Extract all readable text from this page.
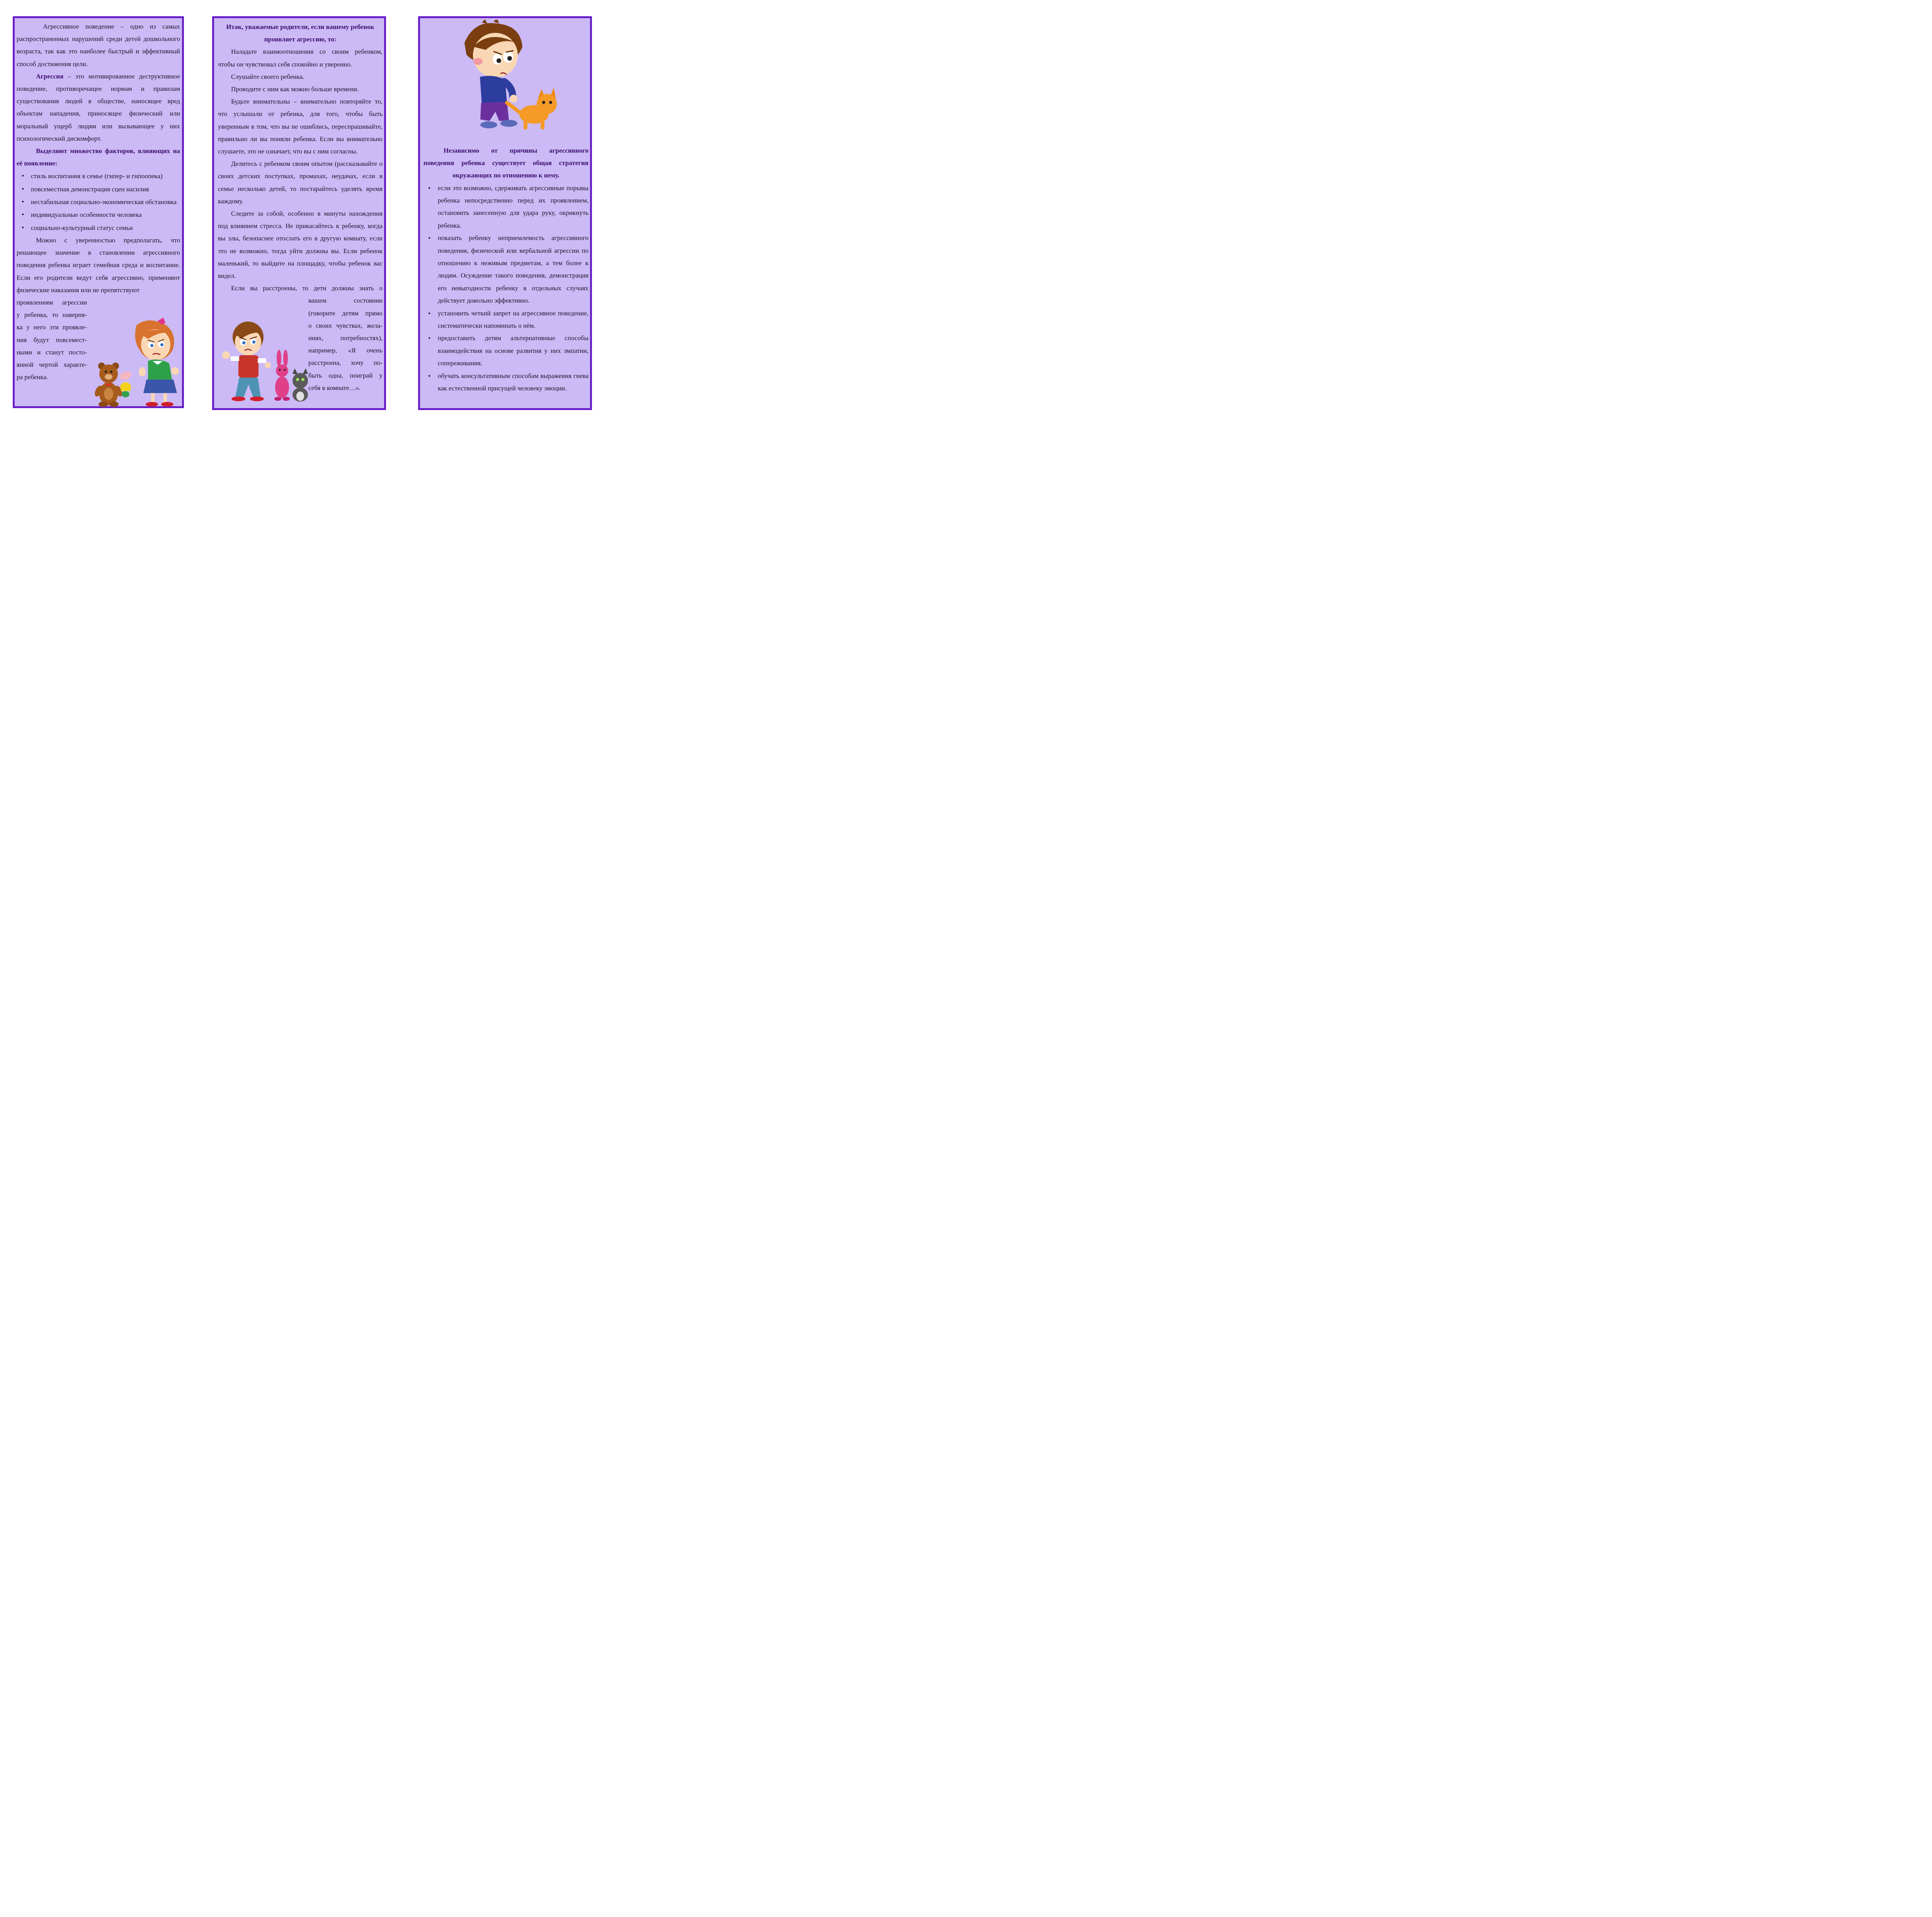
Агрессивное поведение – одно из самых распространенных нарушений среди детей дошкольного возраста, так как это наиболее быстрый и эффективный способ достижения цели.

Агрессия – это мотивированное деструктивное поведение, противоречащее нормам и правилам существования людей в обществе, наносящее вред объектам нападения, приносящее физический или моральный ущерб людям или вызывающее у них психологический дискомфорт.

Выделяют множество факторов, влияющих на её появление:

• стиль воспитания в семье (гипер- и гипоопека)
• повсеместная демонстрация сцен насилия
• нестабильная социально-экономическая обстановка
• индивидуальные особенности человека
• социально-культурный статус семьи

Можно с уверенностью предполагать, что решающее значение в становлении агрессивного поведения ребенка играет семейная среда и воспитание. Если его родители ведут себя агрессивно, применяют физические наказания или не препятствуют

проявлениям агрессии
у ребенка, то наверня-
ка у него эти проявле-
ния будут повсемест-
ными и станут посто-
янной чертой характе-
ра ребенка.
Итак, уважаемые родители, если вашему ребенок
проявляет агрессию, то:

Наладьте взаимоотношения со своим ребенком, чтобы он чувствовал себя спокойно и уверенно.

Слушайте своего ребенка.

Проводите с ним как можно больше времени.

Будьте внимательны – внимательно повторяйте то, что услышали от ребенка, для того, чтобы быть уверенным в том, что вы не ошиблись, переспрашивайте, правильно ли вы поняли ребенка. Если вы внимательно слушаете, это не означает, что вы с ним согласны.

Делитесь с ребенком своим опытом (рассказывайте о своих детских поступках, промахах, неудачах, если в семье несколько детей, то постарайтесь уделять время каждому.

Следите за собой, особенно в минуты нахождения под влиянием стресса. Не прикасайтесь к ребенку, когда вы злы, безопаснее отослать его в другую комнату, если это не возможно, тогда уйти должны вы. Если ребенок маленький, то выйдите на площадку, чтобы ребенок вас видел.

Если вы расстроены, то дети должны знать о
вашем состоянии
(говорите детям прямо
о своих чувствах, жела-
ниях, потребностях),
например, «Я очень
расстроена, хочу по-
быть одна, поиграй у
себя в комнате…».

Независимо от причины агрессивного поведения ребенка существует общая стратегия окружающих по отношению к нему.

• если это возможно, сдерживать агрессивные порывы ребенка непосредственно перед их проявлением, остановить занесенную для удара руку, окрикнуть ребенка.
• показать ребенку неприемлемость агрессивного поведения, физической или вербальной агрессии по отношению к неживым предметам, а тем более к людям. Осуждение такого поведения, демонстрация его невыгодности ребенку в отдельных случаях действует довольно эффективно.
• установить четкий запрет на агрессивное поведение, систематически напоминать о нём.
• предоставить детям альтернативные способы взаимодействия на основе развития у них эмпатии, сопереживания.
• обучать консультативным способам выражения гнева как естественной присущей человеку эмоции.
